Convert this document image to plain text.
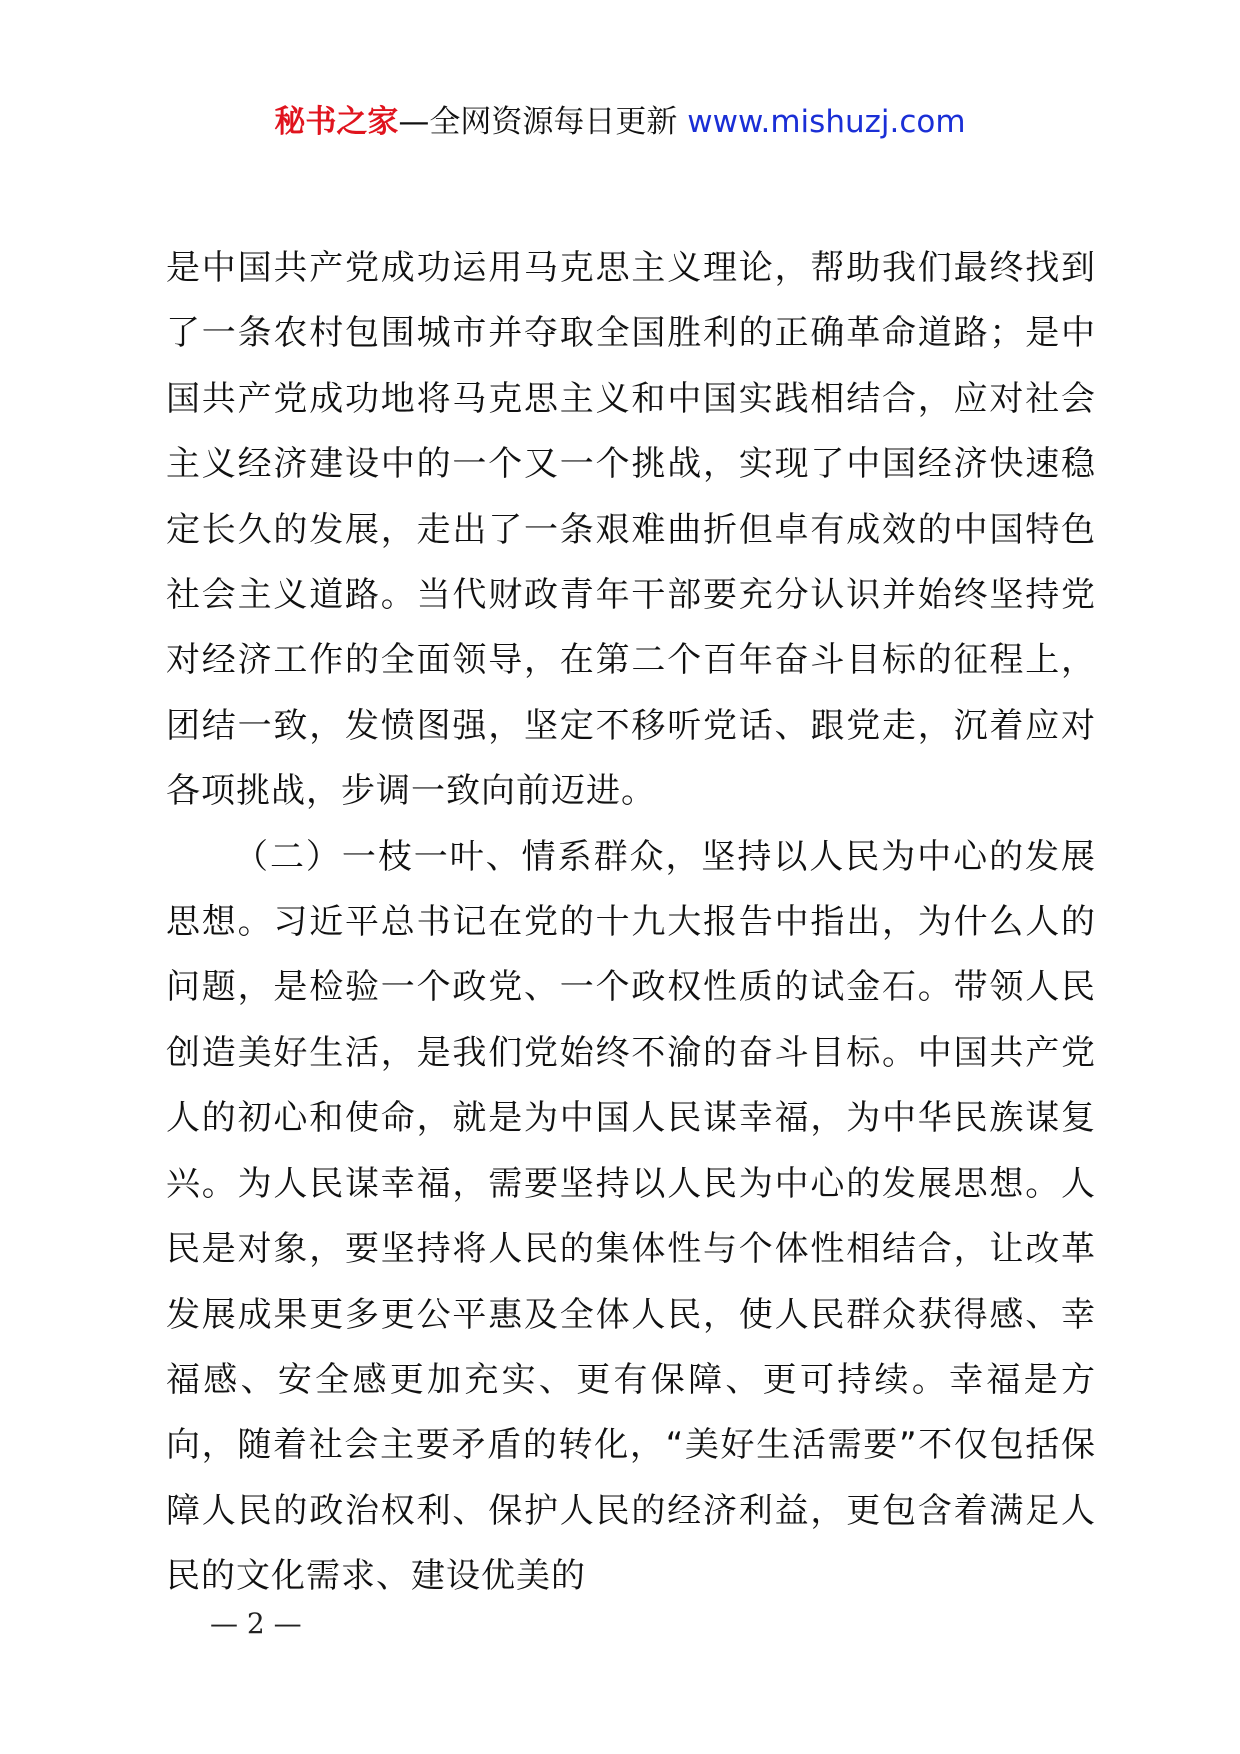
秘书之家—全网资源每日更新 www.mishuzj.com

是中国共产党成功运用马克思主义理论，帮助我们最终找到了一条农村包围城市并夺取全国胜利的正确革命道路；是中国共产党成功地将马克思主义和中国实践相结合，应对社会主义经济建设中的一个又一个挑战，实现了中国经济快速稳定长久的发展，走出了一条艰难曲折但卓有成效的中国特色社会主义道路。当代财政青年干部要充分认识并始终坚持党对经济工作的全面领导，在第二个百年奋斗目标的征程上，团结一致，发愤图强，坚定不移听党话、跟党走，沉着应对各项挑战，步调一致向前迈进。

（二）一枝一叶、情系群众，坚持以人民为中心的发展思想。习近平总书记在党的十九大报告中指出，为什么人的问题，是检验一个政党、一个政权性质的试金石。带领人民创造美好生活，是我们党始终不渝的奋斗目标。中国共产党人的初心和使命，就是为中国人民谋幸福，为中华民族谋复兴。为人民谋幸福，需要坚持以人民为中心的发展思想。人民是对象，要坚持将人民的集体性与个体性相结合，让改革发展成果更多更公平惠及全体人民，使人民群众获得感、幸福感、安全感更加充实、更有保障、更可持续。幸福是方向，随着社会主要矛盾的转化，“美好生活需要”不仅包括保障人民的政治权利、保护人民的经济利益，更包含着满足人民的文化需求、建设优美的

— 2 —
